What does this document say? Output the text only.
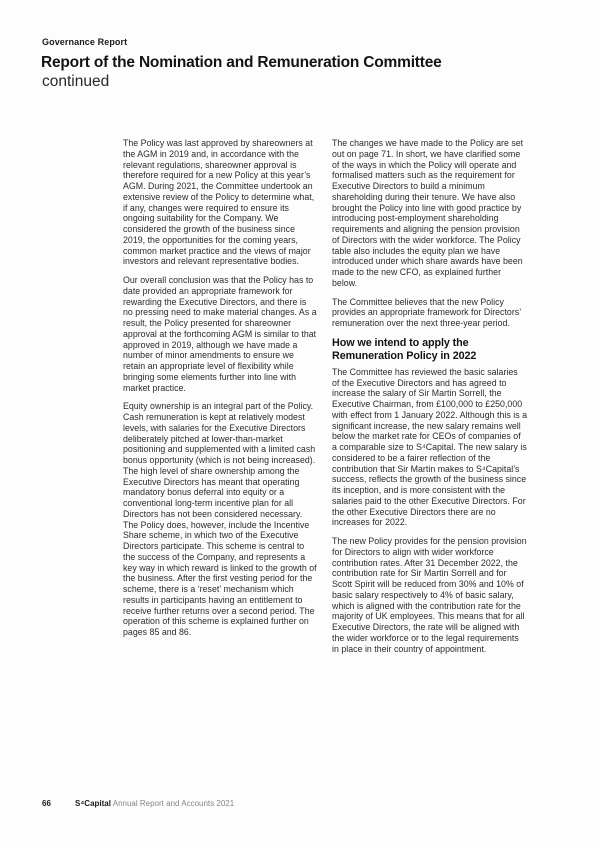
Governance Report
Report of the Nomination and Remuneration Committee
continued

The Policy was last approved by shareowners at the AGM in 2019 and, in accordance with the relevant regulations, shareowner approval is therefore required for a new Policy at this year’s AGM. During 2021, the Committee undertook an extensive review of the Policy to determine what, if any, changes were required to ensure its ongoing suitability for the Company. We considered the growth of the business since 2019, the opportunities for the coming years, common market practice and the views of major investors and relevant representative bodies.

Our overall conclusion was that the Policy has to date provided an appropriate framework for rewarding the Executive Directors, and there is no pressing need to make material changes. As a result, the Policy presented for shareowner approval at the forthcoming AGM is similar to that approved in 2019, although we have made a number of minor amendments to ensure we retain an appropriate level of flexibility while bringing some elements further into line with market practice.

Equity ownership is an integral part of the Policy. Cash remuneration is kept at relatively modest levels, with salaries for the Executive Directors deliberately pitched at lower-than-market positioning and supplemented with a limited cash bonus opportunity (which is not being increased). The high level of share ownership among the Executive Directors has meant that operating mandatory bonus deferral into equity or a conventional long-term incentive plan for all Directors has not been considered necessary. The Policy does, however, include the Incentive Share scheme, in which two of the Executive Directors participate. This scheme is central to the success of the Company, and represents a key way in which reward is linked to the growth of the business. After the first vesting period for the scheme, there is a ‘reset’ mechanism which results in participants having an entitlement to receive further returns over a second period. The operation of this scheme is explained further on pages 85 and 86.

The changes we have made to the Policy are set out on page 71. In short, we have clarified some of the ways in which the Policy will operate and formalised matters such as the requirement for Executive Directors to build a minimum shareholding during their tenure. We have also brought the Policy into line with good practice by introducing post-employment shareholding requirements and aligning the pension provision of Directors with the wider workforce. The Policy table also includes the equity plan we have introduced under which share awards have been made to the new CFO, as explained further below.

The Committee believes that the new Policy provides an appropriate framework for Directors’ remuneration over the next three-year period.

How we intend to apply the Remuneration Policy in 2022

The Committee has reviewed the basic salaries of the Executive Directors and has agreed to increase the salary of Sir Martin Sorrell, the Executive Chairman, from £100,000 to £250,000 with effect from 1 January 2022. Although this is a significant increase, the new salary remains well below the market rate for CEOs of companies of a comparable size to S⁴Capital. The new salary is considered to be a fairer reflection of the contribution that Sir Martin makes to S⁴Capital’s success, reflects the growth of the business since its inception, and is more consistent with the salaries paid to the other Executive Directors. For the other Executive Directors there are no increases for 2022.

The new Policy provides for the pension provision for Directors to align with wider workforce contribution rates. After 31 December 2022, the contribution rate for Sir Martin Sorrell and for Scott Spirit will be reduced from 30% and 10% of basic salary respectively to 4% of basic salary, which is aligned with the contribution rate for the majority of UK employees. This means that for all Executive Directors, the rate will be aligned with the wider workforce or to the legal requirements in place in their country of appointment.

66	S⁴Capital Annual Report and Accounts 2021
